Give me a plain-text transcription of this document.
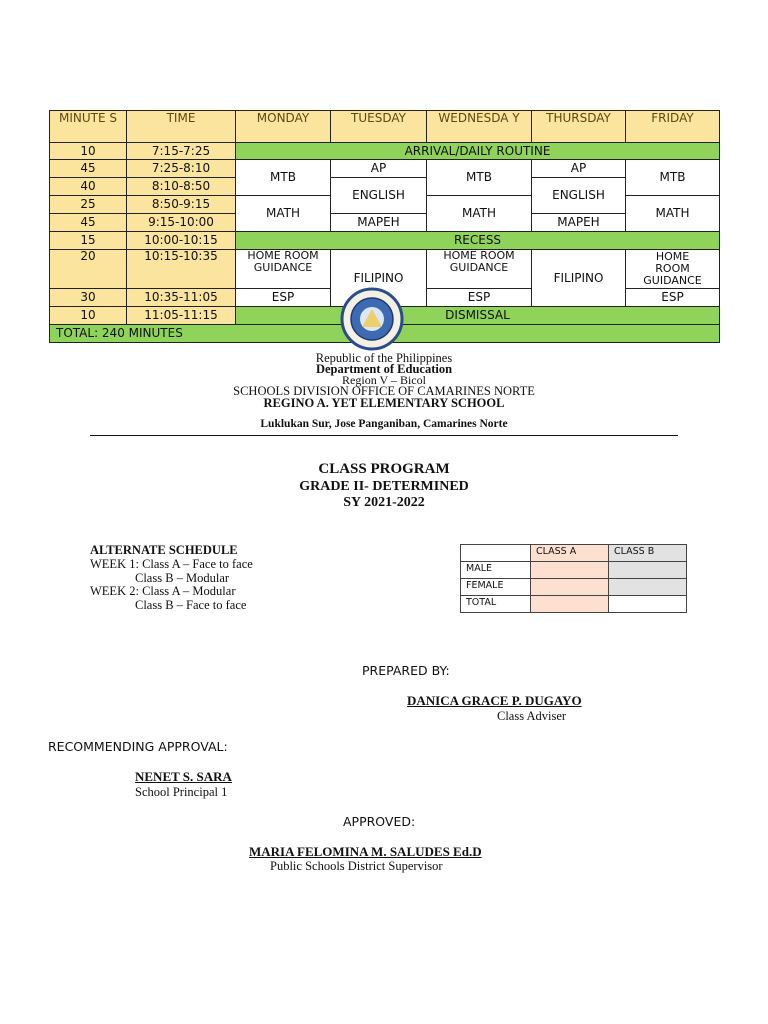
MINUTE S	TIME	MONDAY	TUESDAY	WEDNESDA Y	THURSDAY	FRIDAY
10	7:15-7:25	ARRIVAL/DAILY ROUTINE				
45	7:25-8:10	MTB	AP	MTB	AP	MTB
40	8:10-8:50		ENGLISH		ENGLISH	
25	8:50-9:15	MATH		MATH		MATH
45	9:15-10:00		MAPEH		MAPEH	
15	10:00-10:15	RECESS				
20	10:15-10:35	HOME ROOM GUIDANCE	FILIPINO	HOME ROOM GUIDANCE	FILIPINO	HOME ROOM GUIDANCE
30	10:35-11:05	ESP		ESP		ESP
10	11:05-11:15	DISMISSAL				
TOTAL: 240 MINUTES						
Republic of the Philippines
Department of Education
Region V – Bicol
SCHOOLS DIVISION OFFICE OF CAMARINES NORTE
REGINO A. YET ELEMENTARY SCHOOL
Luklukan Sur, Jose Panganiban, Camarines Norte
CLASS PROGRAM
GRADE II- DETERMINED
SY 2021-2022
ALTERNATE SCHEDULE
WEEK 1: Class A – Face to face
Class B – Modular
WEEK 2: Class A – Modular
Class B – Face to face
	CLASS A	CLASS B
MALE		
FEMALE		
TOTAL		
PREPARED BY:
DANICA GRACE P. DUGAYO
Class Adviser
RECOMMENDING APPROVAL:
NENET S. SARA
School Principal 1
APPROVED:
MARIA FELOMINA M. SALUDES Ed.D
Public Schools District Supervisor
